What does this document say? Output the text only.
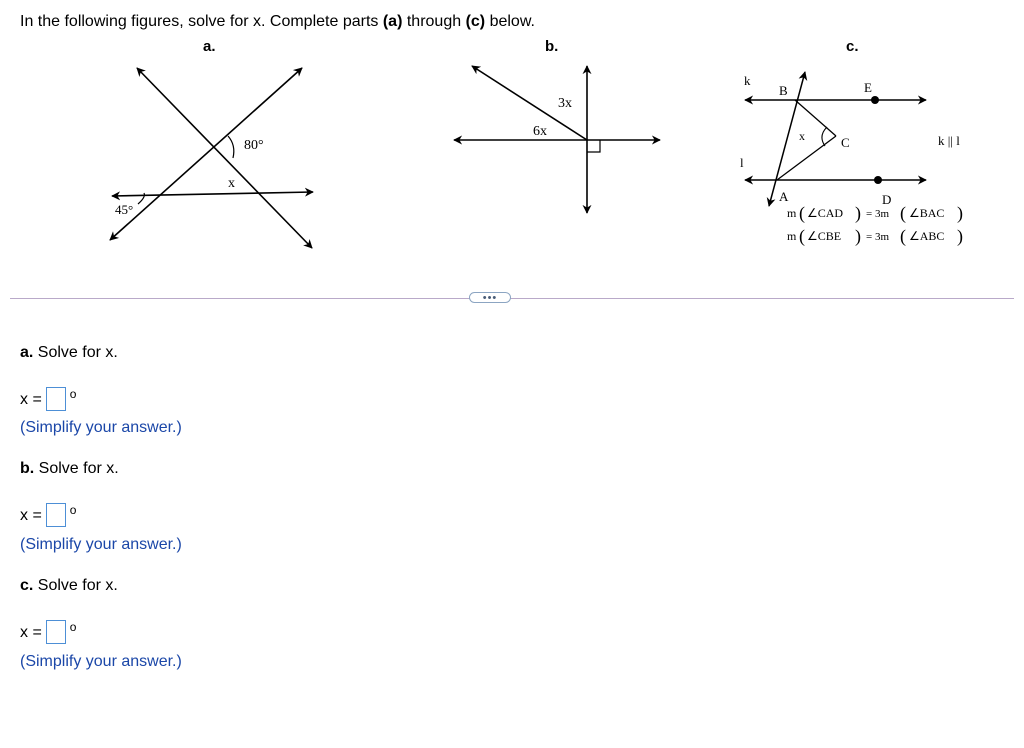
In the following figures, solve for x. Complete parts (a) through (c) below.
a.	b.	c.
80°
x
45°
3x
6x
k
l
B	E
x	C	k || l
A	D
m ( ∠CAD ) = 3m ( ∠BAC )
m ( ∠CBE ) = 3m ( ∠ABC )
•••
a. Solve for x.
x = o
(Simplify your answer.)
b. Solve for x.
x = o
(Simplify your answer.)
c. Solve for x.
x = o
(Simplify your answer.)
